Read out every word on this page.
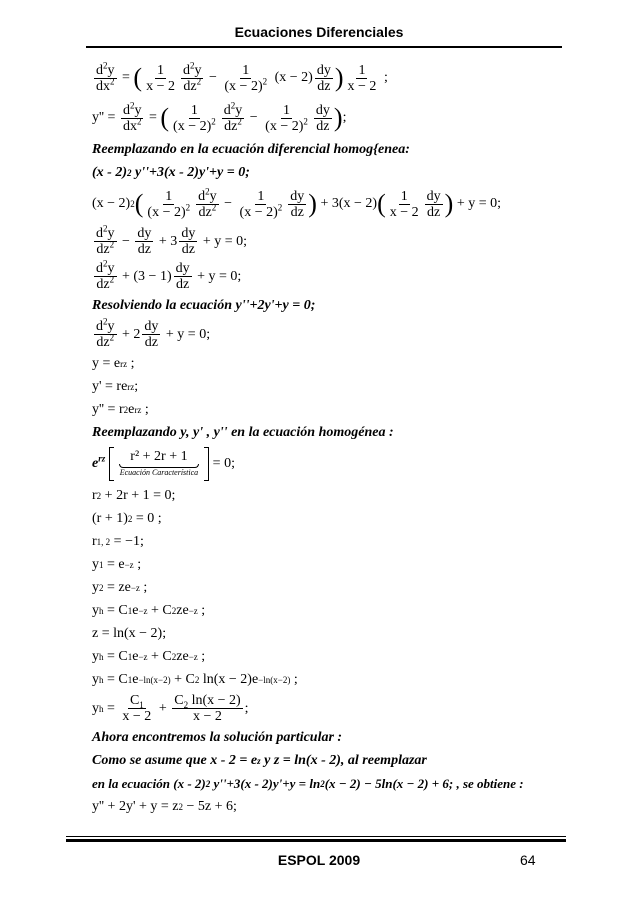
Ecuaciones Diferenciales
$\frac{d^2y}{dx^2}$ = ( $\frac{1}{x - 2} \frac{d^2y}{dz^2} - \frac{1}{(x - 2)^2} (x - 2) \frac{dy}{dz}$ ) $\frac{1}{x - 2}$ ;
$y'' = \frac{d^2y}{dx^2}$ = ( $\frac{1}{(x - 2)^2} \frac{d^2y}{dz^2} - \frac{1}{(x - 2)^2} \frac{dy}{dz}$ ) ;
Reemplazando en la ecuación diferencial homog{enea:
(x - 2) 2 y''+3(x - 2)y'+y = 0;
(x − 2) 2 ( $\frac{1}{(x - 2)^2} \frac{d^2y}{dz^2} - \frac{1}{(x - 2)^2} \frac{dy}{dz}$ ) + 3(x − 2) ( $\frac{1}{x - 2} \frac{dy}{dz}$ ) + y = 0;
$\frac{d^2y}{dz^2} - \frac{dy}{dz} + 3 \frac{dy}{dz} + y = 0$;
$\frac{d^2y}{dz^2} + (3 - 1) \frac{dy}{dz} + y = 0$;
Resolviendo la ecuación y''+2y'+y = 0;
$\frac{d^2y}{dz^2} + 2 \frac{dy}{dz} + y = 0$;
y = e rz ;
y' = re rz ;
y'' = r 2 e rz ;
Reemplazando y, y' , y'' en la ecuación homogénea :
$e^{rz}$
r² + 2r + 1
Ecuación Característica

= 0;
r 2 + 2r + 1 = 0;
(r + 1) 2 = 0 ;
r 1, 2 = −1;
y 1 = e −z ;
y 2 = ze −z ;
y h = C 1 e −z + C 2 ze −z ;
z = ln(x − 2);
y h = C 1 e −z + C 2 ze −z ;
y h = C 1 e −ln(x−2) + C 2 ln(x − 2)e −ln(x−2) ;
y $h = \frac{C_1}{x - 2} + \frac{C_2 \ln(x - 2)}{x - 2}$ ;
Ahora encontremos la solución particular :
Como se asume que x - 2 = e z y z = ln(x - 2), al reemplazar
en la ecuación (x - 2) 2 y''+3(x - 2)y'+y = ln 2 (x − 2) − 5ln(x − 2) + 6; , se obtiene :
y'' + 2y' + y = z 2 − 5z + 6;
ESPOL 2009	64
